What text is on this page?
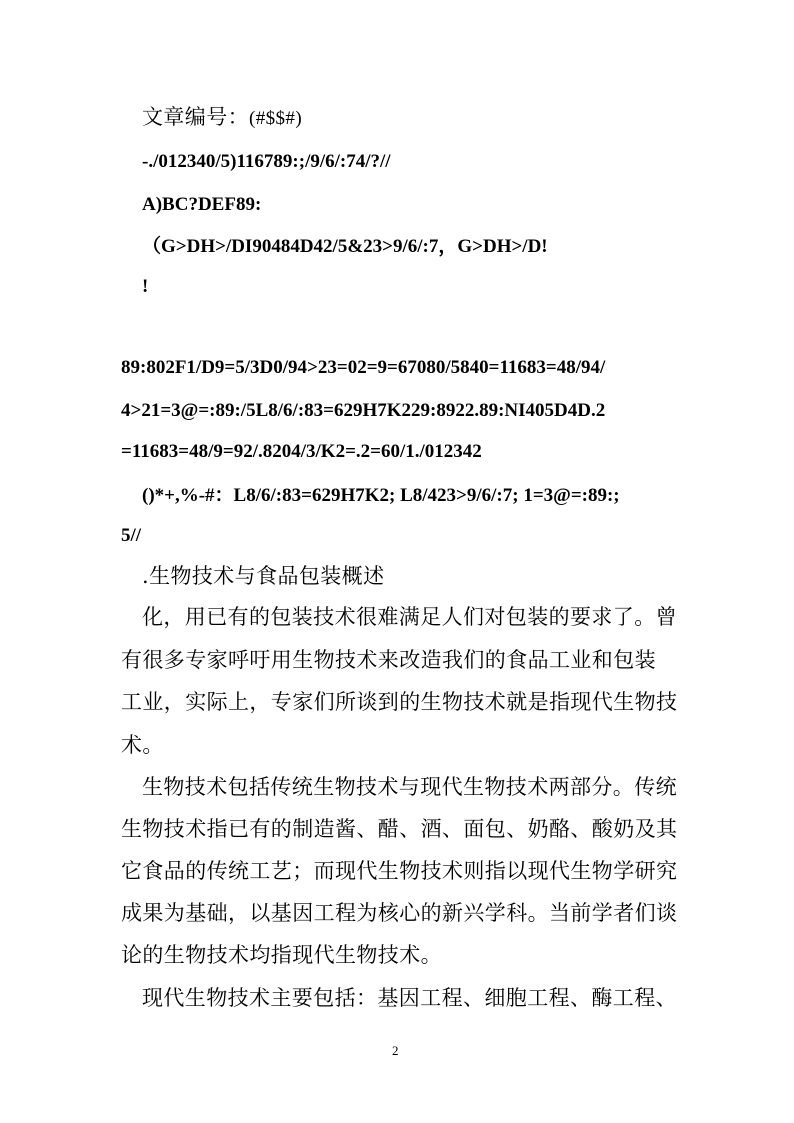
文章编号：(#$$#)
-./012340/5)116789:;/9/6/:74/?//
A)BC?DEF89:
（G>DH>/DI90484D42/5&23>9/6/:7，G>DH>/D!
!
89:802F1/D9=5/3D0/94>23=02=9=67080/5840=11683=48/94/
4>21=3@=:89:/5L8/6/:83=629H7K229:8922.89:NI405D4D.2
=11683=48/9=92/.8204/3/K2=.2=60/1./012342
()*+,%-#：L8/6/:83=629H7K2; L8/423>9/6/:7; 1=3@=:89:;
5//
.生物技术与食品包装概述
化，用已有的包装技术很难满足人们对包装的要求了。曾
有很多专家呼吁用生物技术来改造我们的食品工业和包装
工业，实际上，专家们所谈到的生物技术就是指现代生物技
术。
生物技术包括传统生物技术与现代生物技术两部分。传统
生物技术指已有的制造酱、醋、酒、面包、奶酪、酸奶及其
它食品的传统工艺；而现代生物技术则指以现代生物学研究
成果为基础，以基因工程为核心的新兴学科。当前学者们谈
论的生物技术均指现代生物技术。
现代生物技术主要包括：基因工程、细胞工程、酶工程、
2
